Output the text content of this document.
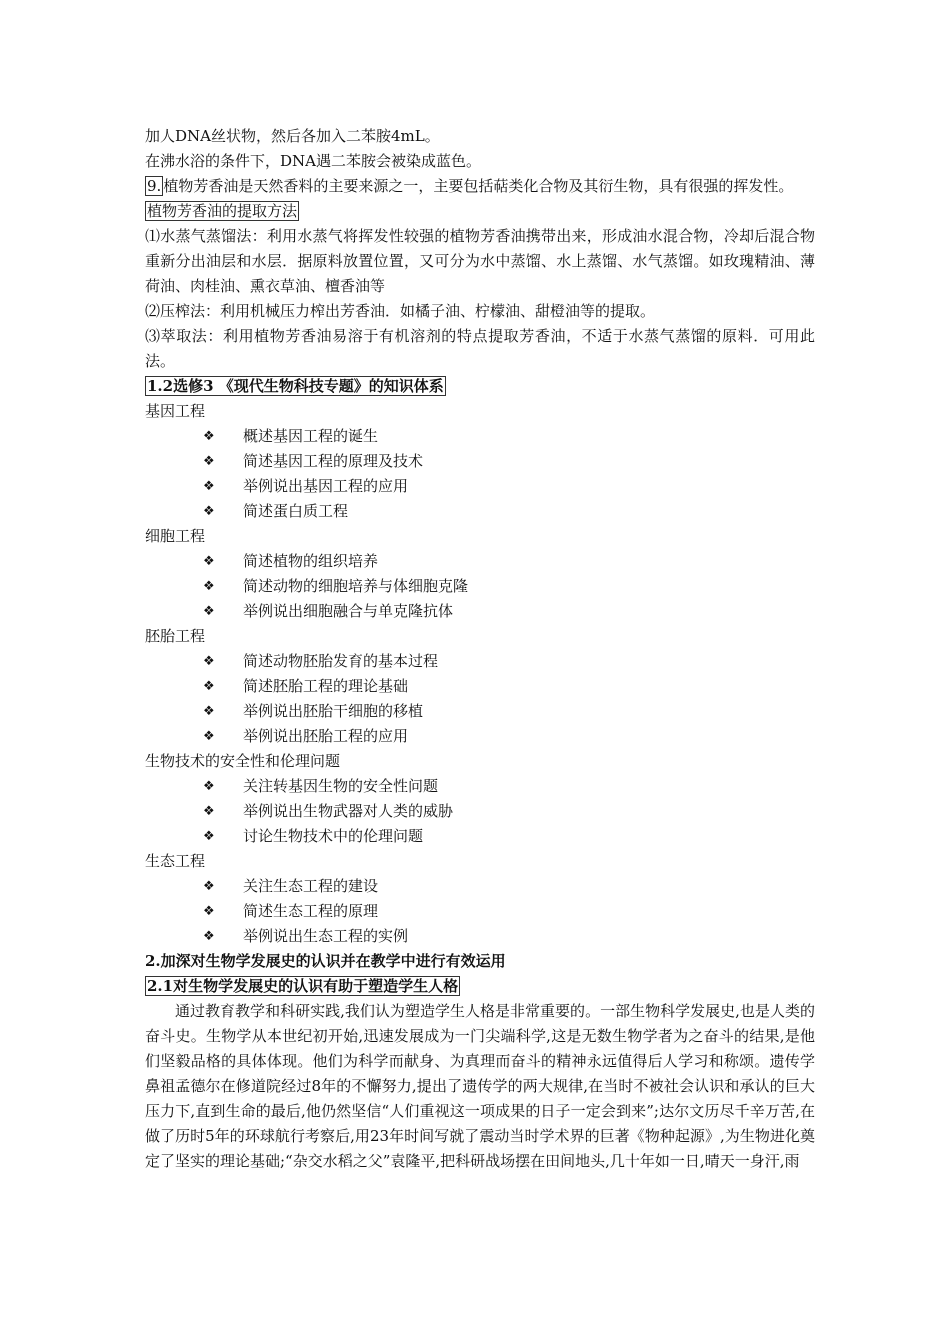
加人DNA丝状物，然后各加入二苯胺4mL。

在沸水浴的条件下，DNA遇二苯胺会被染成蓝色。

9. 植物芳香油是天然香料的主要来源之一，主要包括萜类化合物及其衍生物，具有很强的挥发性。

植物芳香油的提取方法

⑴水蒸气蒸馏法：利用水蒸气将挥发性较强的植物芳香油携带出来，形成油水混合物，冷却后混合物重新分出油层和水层．据原料放置位置，又可分为水中蒸馏、水上蒸馏、水气蒸馏。如玫瑰精油、薄荷油、肉桂油、熏衣草油、檀香油等

⑵压榨法：利用机械压力榨出芳香油．如橘子油、柠檬油、甜橙油等的提取。

⑶萃取法：利用植物芳香油易溶于有机溶剂的特点提取芳香油，不适于水蒸气蒸馏的原料．可用此法。

1.2选修3 《现代生物科技专题》的知识体系

基因工程

❖ 概述基因工程的诞生
❖ 简述基因工程的原理及技术
❖ 举例说出基因工程的应用
❖ 简述蛋白质工程

细胞工程

❖ 简述植物的组织培养
❖ 简述动物的细胞培养与体细胞克隆
❖ 举例说出细胞融合与单克隆抗体

胚胎工程

❖ 简述动物胚胎发育的基本过程
❖ 简述胚胎工程的理论基础
❖ 举例说出胚胎干细胞的移植
❖ 举例说出胚胎工程的应用

生物技术的安全性和伦理问题

❖ 关注转基因生物的安全性问题
❖ 举例说出生物武器对人类的威胁
❖ 讨论生物技术中的伦理问题

生态工程

❖ 关注生态工程的建设
❖ 简述生态工程的原理
❖ 举例说出生态工程的实例

2.加深对生物学发展史的认识并在教学中进行有效运用

2.1对生物学发展史的认识有助于塑造学生人格

通过教育教学和科研实践,我们认为塑造学生人格是非常重要的。一部生物科学发展史,也是人类的奋斗史。生物学从本世纪初开始,迅速发展成为一门尖端科学,这是无数生物学者为之奋斗的结果,是他们坚毅品格的具体体现。他们为科学而献身、为真理而奋斗的精神永远值得后人学习和称颂。遗传学鼻祖孟德尔在修道院经过8年的不懈努力,提出了遗传学的两大规律,在当时不被社会认识和承认的巨大压力下,直到生命的最后,他仍然坚信“人们重视这一项成果的日子一定会到来”;达尔文历尽千辛万苦,在做了历时5年的环球航行考察后,用23年时间写就了震动当时学术界的巨著《物种起源》,为生物进化奠定了坚实的理论基础;“杂交水稻之父”袁隆平,把科研战场摆在田间地头,几十年如一日,晴天一身汗,雨
